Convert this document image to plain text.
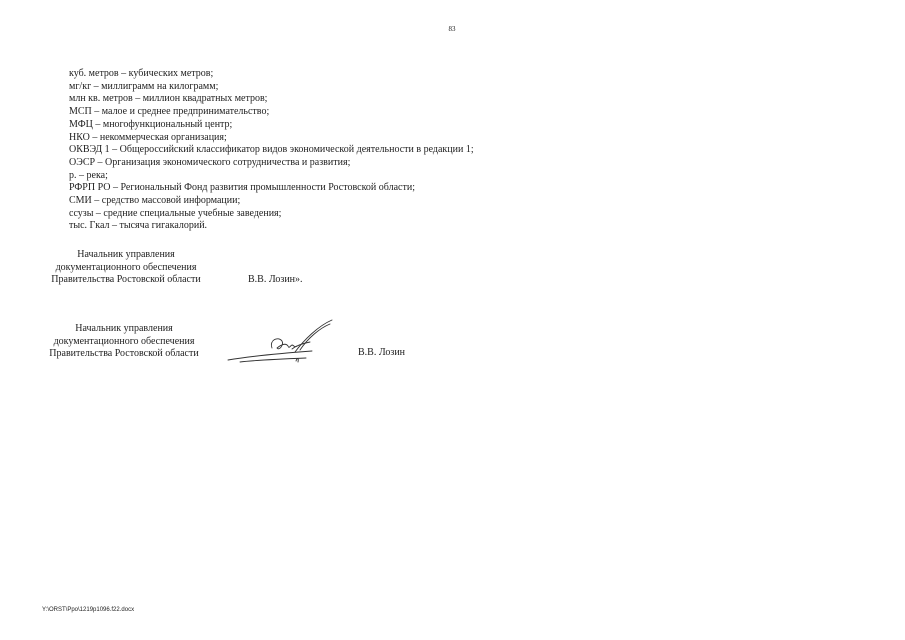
83
куб. метров – кубических метров;
мг/кг – миллиграмм на килограмм;
млн кв. метров – миллион квадратных метров;
МСП – малое и среднее предпринимательство;
МФЦ – многофункциональный центр;
НКО – некоммерческая организация;
ОКВЭД 1 – Общероссийский классификатор видов экономической деятельности в редакции 1;
ОЭСР – Организация экономического сотрудничества и развития;
р. – река;
РФРП РО – Региональный Фонд развития промышленности Ростовской области;
СМИ – средство массовой информации;
ссузы – средние специальные учебные заведения;
тыс. Гкал – тысяча гигакалорий.
Начальник управления
документационного обеспечения
Правительства Ростовской области	В.В. Лозин».
Начальник управления
документационного обеспечения
Правительства Ростовской области	В.В. Лозин
Y:\ORST\Ppo\1219p1096.f22.docx
